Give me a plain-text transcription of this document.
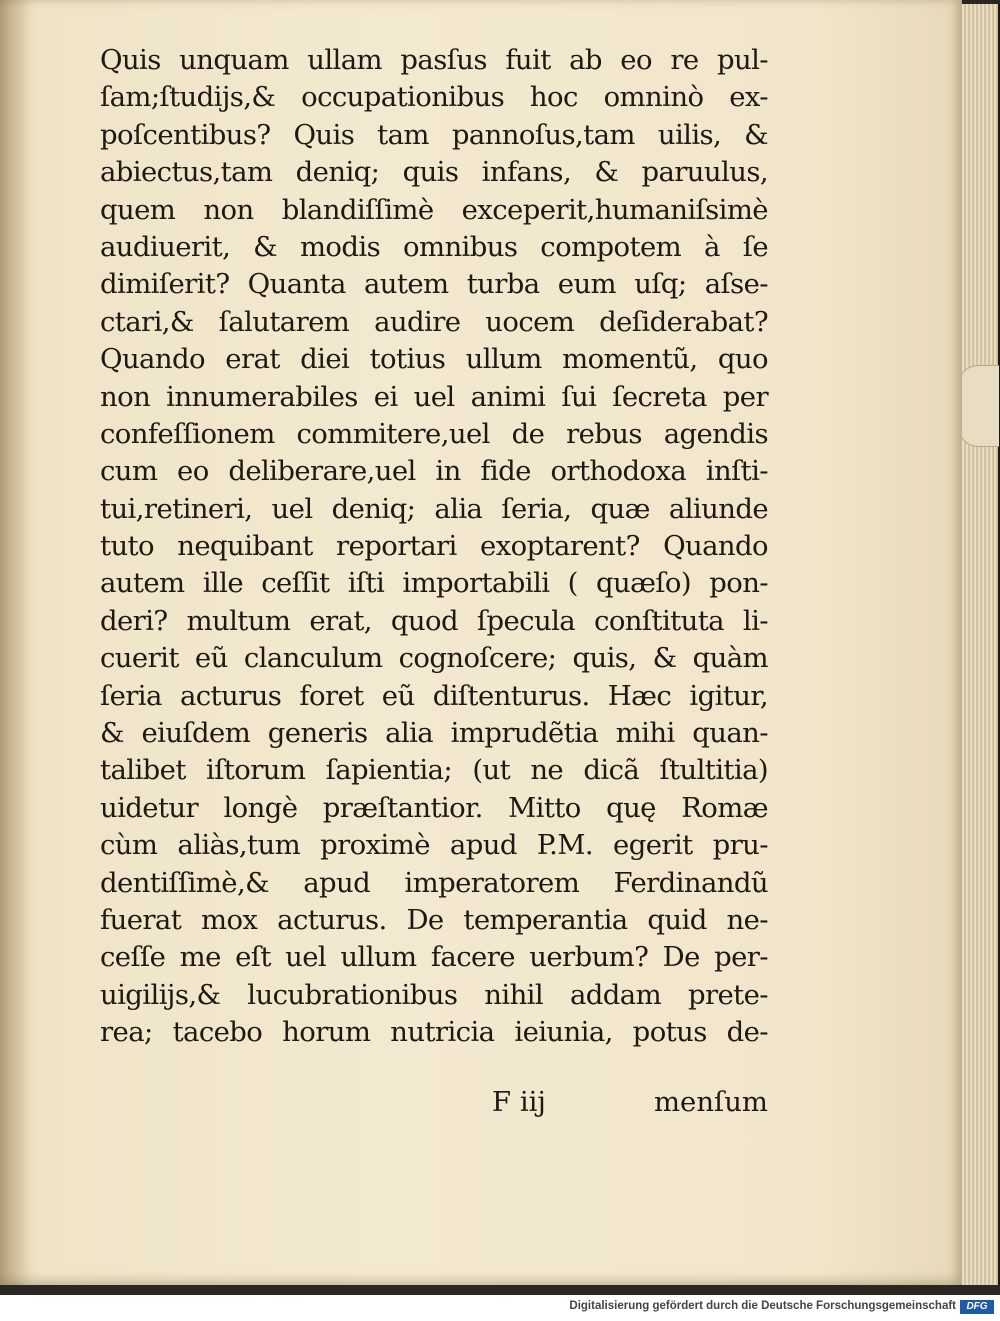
Quis unquam ullam pasſus fuit ab eo re pul-
ſam;ſtudijs,& occupationibus hoc omninò ex-
poſcentibus? Quis tam pannoſus,tam uilis, &
abiectus,tam deniq; quis infans, & paruulus,
quem non blandiſſimè exceperit,humaniſsimè
audiuerit, & modis omnibus compotem à ſe
dimiſerit? Quanta autem turba eum uſq; aſse-
ctari,& ſalutarem audire uocem deſiderabat?
Quando erat diei totius ullum momentũ, quo
non innumerabiles ei uel animi ſui ſecreta per
confeſſionem commitere,uel de rebus agendis
cum eo deliberare,uel in fide orthodoxa inſti-
tui,retineri, uel deniq; alia ſeria, quæ aliunde
tuto nequibant reportari exoptarent? Quando
autem ille ceſſit iſti importabili ( quæſo) pon-
deri? multum erat, quod ſpecula conſtituta li-
cuerit eũ clanculum cognoſcere; quis, & quàm
ſeria acturus foret eũ diſtenturus. Hæc igitur,
& eiuſdem generis alia imprudẽtia mihi quan-
talibet iſtorum ſapientia; (ut ne dicã ſtultitia)
uidetur longè præſtantior. Mitto quę Romæ
cùm aliàs,tum proximè apud P.M. egerit pru-
dentiſſimè,& apud imperatorem Ferdinandũ
fuerat mox acturus. De temperantia quid ne-
ceſſe me eſt uel ullum facere uerbum? De per-
uigilijs,& lucubrationibus nihil addam prete-
rea; tacebo horum nutricia ieiunia, potus de-
F iij	menſum
Digitalisierung gefördert durch die Deutsche Forschungsgemeinschaft	DFG
